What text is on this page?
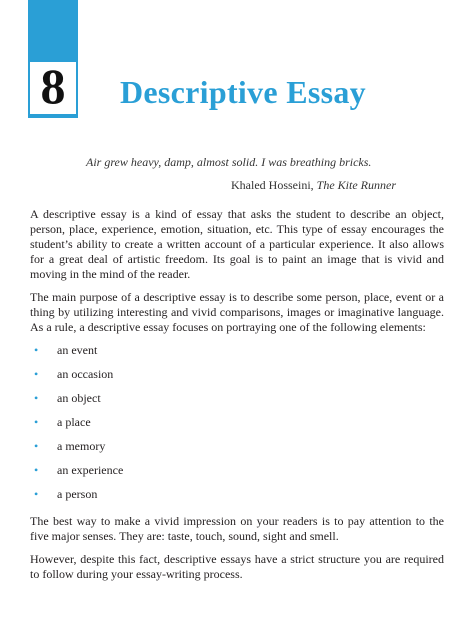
8	Descriptive Essay
Air grew heavy, damp, almost solid. I was breathing bricks.
Khaled Hosseini, The Kite Runner

A descriptive essay is a kind of essay that asks the student to describe an object, person, place, experience, emotion, situation, etc. This type of essay encourages the student’s ability to create a written account of a particular experience. It also allows for a great deal of artistic freedom. Its goal is to paint an image that is vivid and moving in the mind of the reader.

The main purpose of a descriptive essay is to describe some person, place, event or a thing by utilizing interesting and vivid comparisons, images or imaginative language. As a rule, a descriptive essay focuses on portraying one of the following elements:

• an event
• an occasion
• an object
• a place
• a memory
• an experience
• a person

The best way to make a vivid impression on your readers is to pay attention to the five major senses. They are: taste, touch, sound, sight and smell.

However, despite this fact, descriptive essays have a strict structure you are required to follow during your essay-writing process.
